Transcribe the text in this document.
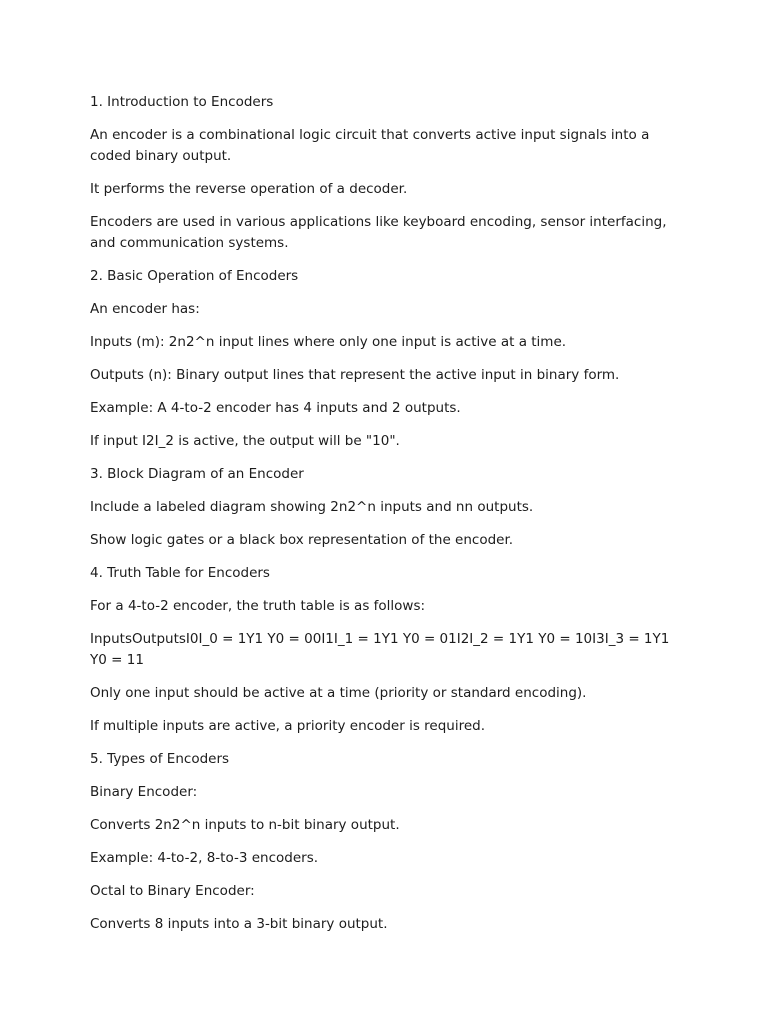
1. Introduction to Encoders

An encoder is a combinational logic circuit that converts active input signals into a coded binary output.

It performs the reverse operation of a decoder.

Encoders are used in various applications like keyboard encoding, sensor interfacing, and communication systems.

2. Basic Operation of Encoders

An encoder has:

Inputs (m): 2n2^n input lines where only one input is active at a time.

Outputs (n): Binary output lines that represent the active input in binary form.

Example: A 4-to-2 encoder has 4 inputs and 2 outputs.

If input I2I_2 is active, the output will be "10".

3. Block Diagram of an Encoder

Include a labeled diagram showing 2n2^n inputs and nn outputs.

Show logic gates or a black box representation of the encoder.

4. Truth Table for Encoders

For a 4-to-2 encoder, the truth table is as follows:

InputsOutputsI0I_0 = 1Y1 Y0 = 00I1I_1 = 1Y1 Y0 = 01I2I_2 = 1Y1 Y0 = 10I3I_3 = 1Y1 Y0 = 11

Only one input should be active at a time (priority or standard encoding).

If multiple inputs are active, a priority encoder is required.

5. Types of Encoders

Binary Encoder:

Converts 2n2^n inputs to n-bit binary output.

Example: 4-to-2, 8-to-3 encoders.

Octal to Binary Encoder:

Converts 8 inputs into a 3-bit binary output.
